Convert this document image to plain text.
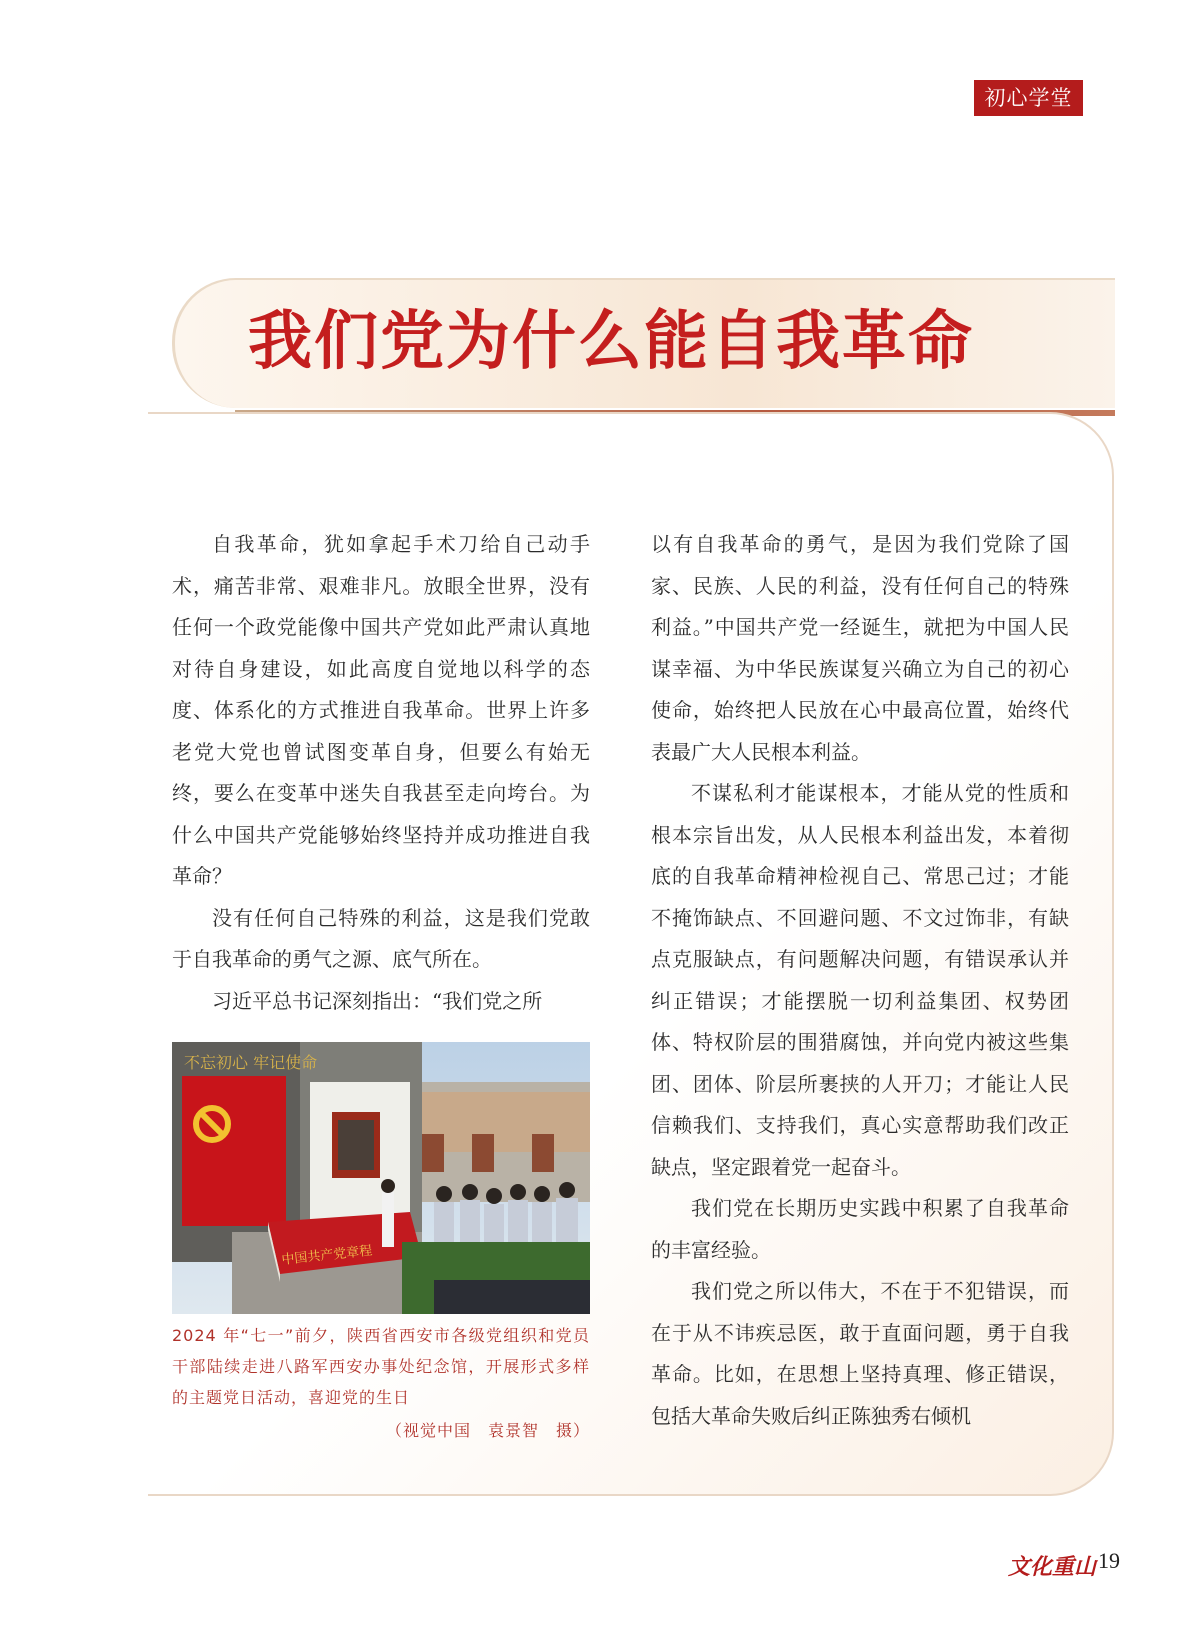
初心学堂
我们党为什么能自我革命

自我革命，犹如拿起手术刀给自己动手术，痛苦非常、艰难非凡。放眼全世界，没有任何一个政党能像中国共产党如此严肃认真地对待自身建设，如此高度自觉地以科学的态度、体系化的方式推进自我革命。世界上许多老党大党也曾试图变革自身，但要么有始无终，要么在变革中迷失自我甚至走向垮台。为什么中国共产党能够始终坚持并成功推进自我革命？

没有任何自己特殊的利益，这是我们党敢于自我革命的勇气之源、底气所在。

习近平总书记深刻指出：“我们党之所

不忘初心 牢记使命
中国共产党章程
2024 年“七一”前夕，陕西省西安市各级党组织和党员干部陆续走进八路军西安办事处纪念馆，开展形式多样的主题党日活动，喜迎党的生日
（视觉中国　袁景智　摄）

以有自我革命的勇气，是因为我们党除了国家、民族、人民的利益，没有任何自己的特殊利益。”中国共产党一经诞生，就把为中国人民谋幸福、为中华民族谋复兴确立为自己的初心使命，始终把人民放在心中最高位置，始终代表最广大人民根本利益。

不谋私利才能谋根本，才能从党的性质和根本宗旨出发，从人民根本利益出发，本着彻底的自我革命精神检视自己、常思己过；才能不掩饰缺点、不回避问题、不文过饰非，有缺点克服缺点，有问题解决问题，有错误承认并纠正错误；才能摆脱一切利益集团、权势团体、特权阶层的围猎腐蚀，并向党内被这些集团、团体、阶层所裹挟的人开刀；才能让人民信赖我们、支持我们，真心实意帮助我们改正缺点，坚定跟着党一起奋斗。

我们党在长期历史实践中积累了自我革命的丰富经验。

我们党之所以伟大，不在于不犯错误，而在于从不讳疾忌医，敢于直面问题，勇于自我革命。比如，在思想上坚持真理、修正错误，包括大革命失败后纠正陈独秀右倾机

文化重山 19
